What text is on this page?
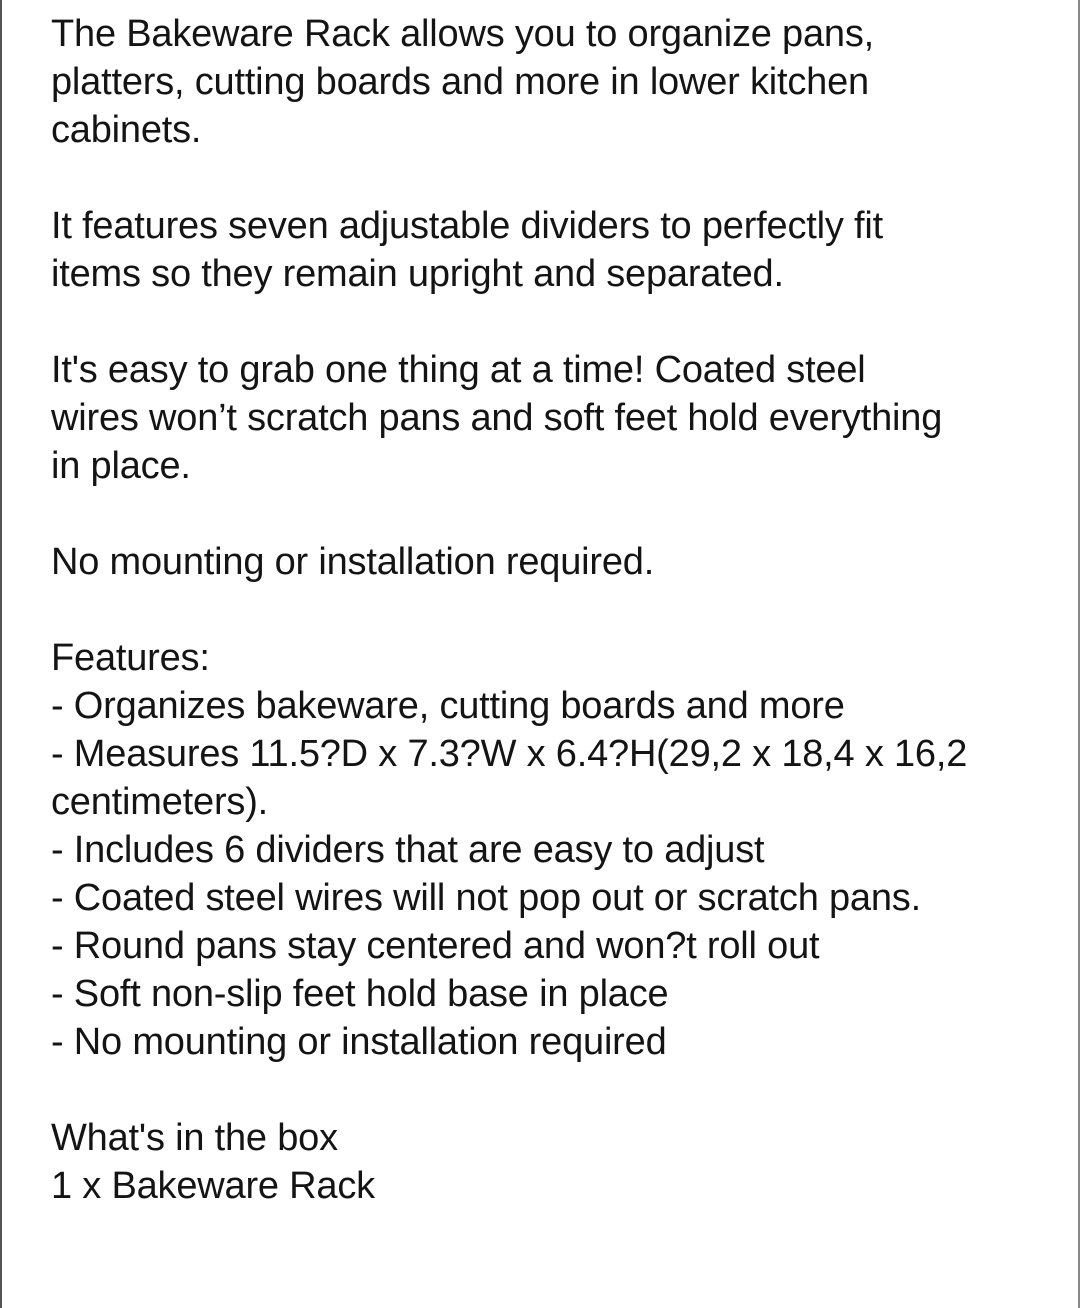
The Bakeware Rack allows you to organize pans,
platters, cutting boards and more in lower kitchen
cabinets.
It features seven adjustable dividers to perfectly fit
items so they remain upright and separated.
It's easy to grab one thing at a time! Coated steel
wires won’t scratch pans and soft feet hold everything
in place.
No mounting or installation required.
Features:
- Organizes bakeware, cutting boards and more
- Measures 11.5?D x 7.3?W x 6.4?H(29,2 x 18,4 x 16,2
centimeters).
- Includes 6 dividers that are easy to adjust
- Coated steel wires will not pop out or scratch pans.
- Round pans stay centered and won?t roll out
- Soft non-slip feet hold base in place
- No mounting or installation required
What's in the box
1 x Bakeware Rack
